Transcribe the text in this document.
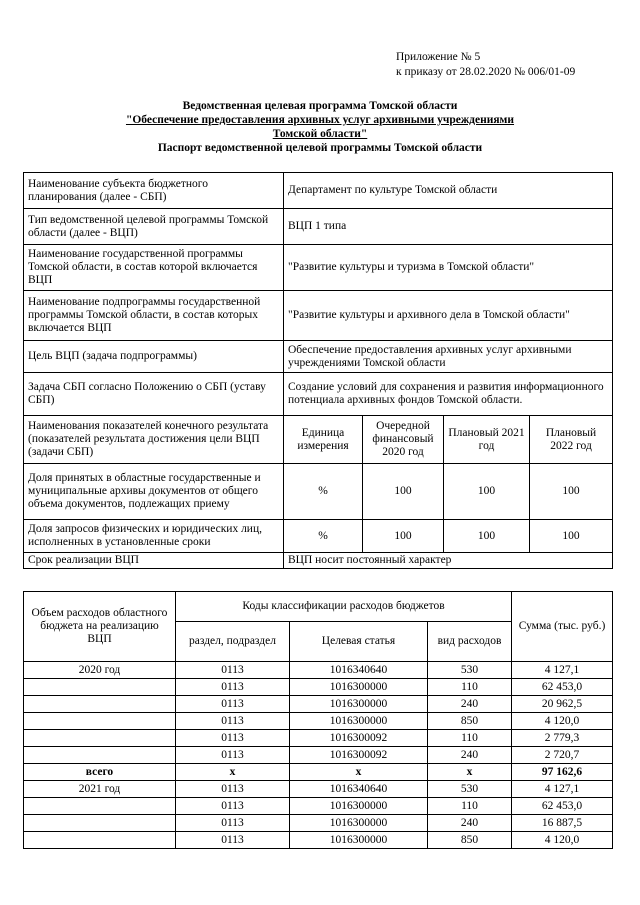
Приложение № 5
к приказу от 28.02.2020 № 006/01-09
Ведомственная целевая программа Томской области
"Обеспечение предоставления архивных услуг архивными учреждениями
Томской области"
Паспорт ведомственной целевой программы Томской области
Наименование субъекта бюджетного планирования (далее - СБП)	Департамент по культуре Томской области			
Тип ведомственной целевой программы Томской области (далее - ВЦП)	ВЦП 1 типа			
Наименование государственной программы Томской области, в состав которой включается ВЦП	"Развитие культуры и туризма в Томской области"			
Наименование подпрограммы государственной программы Томской области, в состав которых включается ВЦП	"Развитие культуры и архивного дела в Томской области"			
Цель ВЦП (задача подпрограммы)	Обеспечение предоставления архивных услуг архивными учреждениями Томской области			
Задача СБП согласно Положению о СБП (уставу СБП)	Создание условий для сохранения и развития информационного потенциала архивных фондов Томской области.			
Наименования показателей конечного результата (показателей результата достижения цели ВЦП (задачи СБП)	Единица измерения	Очередной финансовый 2020 год	Плановый 2021 год	Плановый 2022 год
Доля принятых в областные государственные и муниципальные архивы документов от общего объема документов, подлежащих приему	%	100	100	100
Доля запросов физических и юридических лиц, исполненных в установленные сроки	%	100	100	100
Срок реализации ВЦП	ВЦП носит постоянный характер			
Объем расходов областного бюджета на реализацию ВЦП	Коды классификации расходов бюджетов			Сумма (тыс. руб.)
	раздел, подраздел	Целевая статья	вид расходов	
2020 год	0113	1016340640	530	4 127,1
	0113	1016300000	110	62 453,0
	0113	1016300000	240	20 962,5
	0113	1016300000	850	4 120,0
	0113	1016300092	110	2 779,3
	0113	1016300092	240	2 720,7
всего	x	x	x	97 162,6
2021 год	0113	1016340640	530	4 127,1
	0113	1016300000	110	62 453,0
	0113	1016300000	240	16 887,5
	0113	1016300000	850	4 120,0
